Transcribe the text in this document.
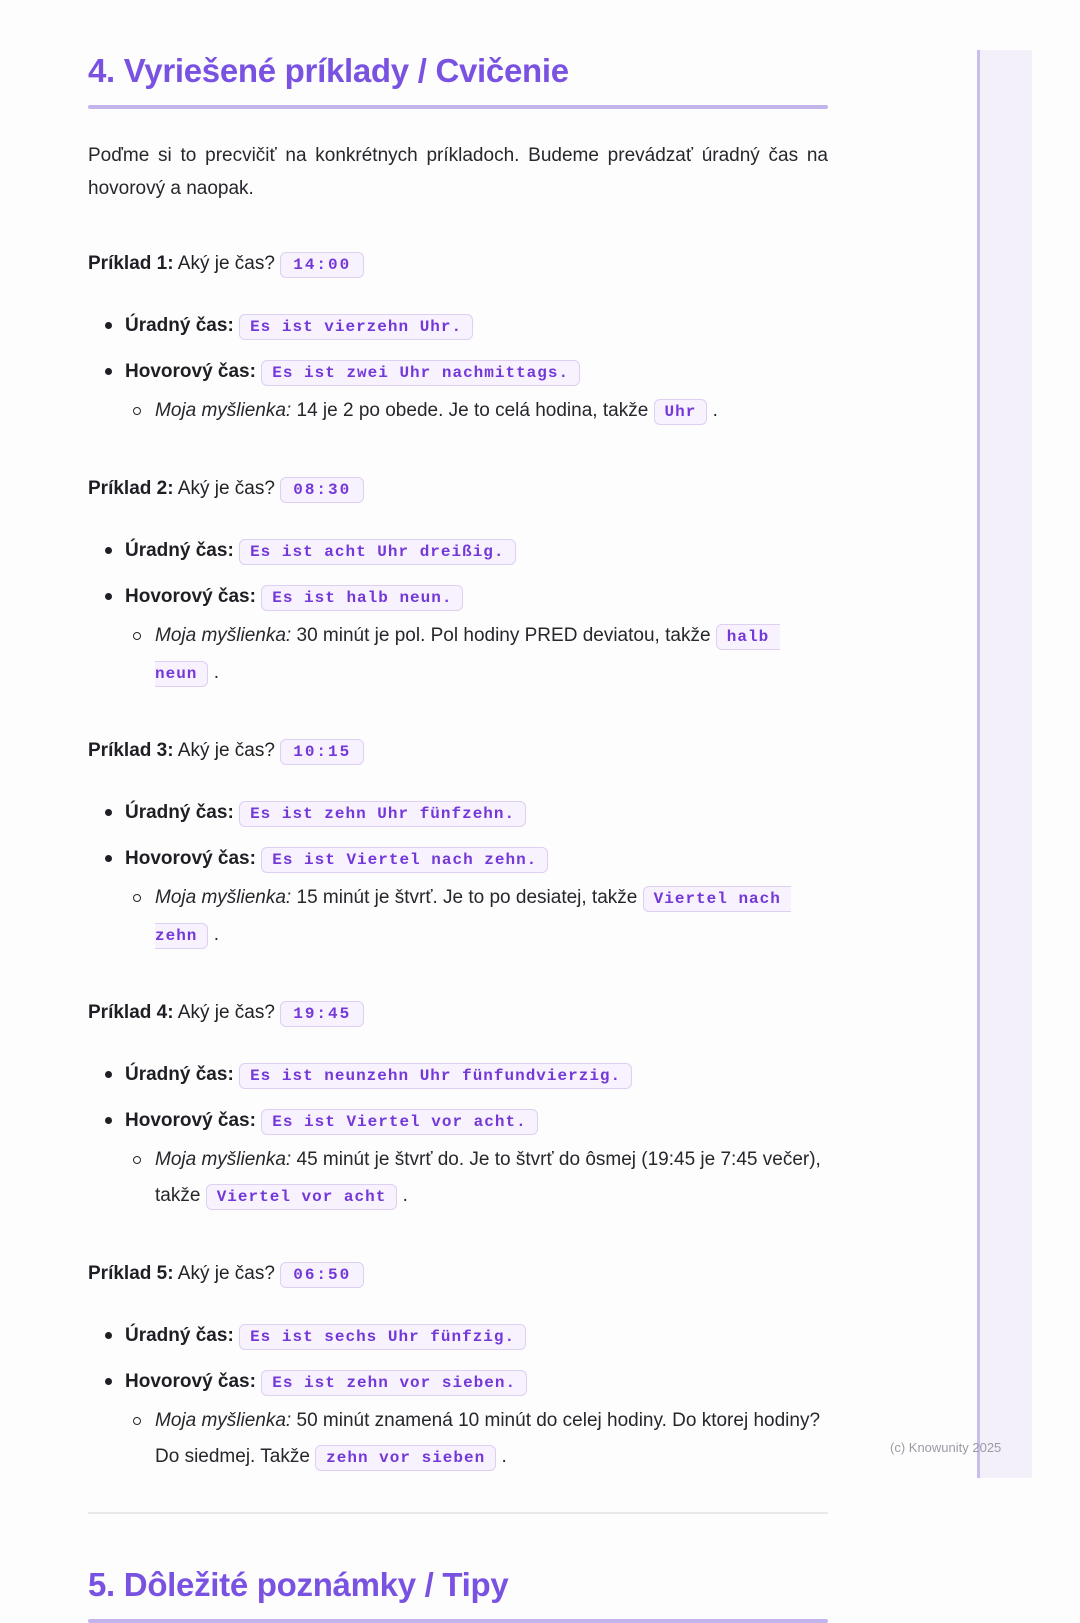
4. Vyriešené príklady / Cvičenie

Poďme si to precvičiť na konkrétnych príkladoch. Budeme prevádzať úradný čas na hovorový a naopak.

Príklad 1: Aký je čas? 14:00

Úradný čas: Es ist vierzehn Uhr.
Hovorový čas: Es ist zwei Uhr nachmittags.
Moja myšlienka: 14 je 2 po obede. Je to celá hodina, takže Uhr .

Príklad 2: Aký je čas? 08:30

Úradný čas: Es ist acht Uhr dreißig.
Hovorový čas: Es ist halb neun.
Moja myšlienka: 30 minút je pol. Pol hodiny PRED deviatou, takže halb neun .

Príklad 3: Aký je čas? 10:15

Úradný čas: Es ist zehn Uhr fünfzehn.
Hovorový čas: Es ist Viertel nach zehn.
Moja myšlienka: 15 minút je štvrť. Je to po desiatej, takže Viertel nach zehn .

Príklad 4: Aký je čas? 19:45

Úradný čas: Es ist neunzehn Uhr fünfundvierzig.
Hovorový čas: Es ist Viertel vor acht.
Moja myšlienka: 45 minút je štvrť do. Je to štvrť do ôsmej (19:45 je 7:45 večer), takže Viertel vor acht .

Príklad 5: Aký je čas? 06:50

Úradný čas: Es ist sechs Uhr fünfzig.
Hovorový čas: Es ist zehn vor sieben.
Moja myšlienka: 50 minút znamená 10 minút do celej hodiny. Do ktorej hodiny? Do siedmej. Takže zehn vor sieben .
5. Dôležité poznámky / Tipy
(c) Knowunity 2025
